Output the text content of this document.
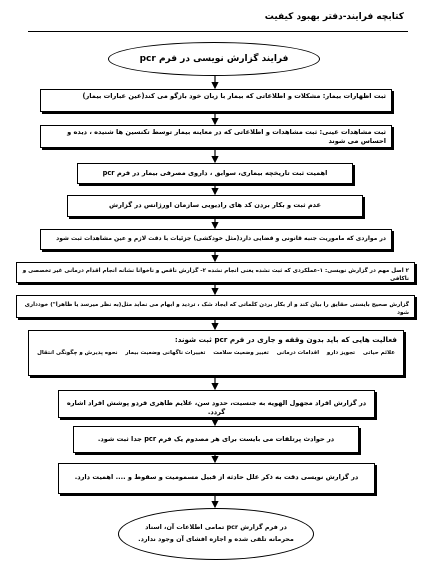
کتابچه فرایند-دفتر بهبود کیفیت
فرایند گزارش نویسی در فرم pcr
ثبت اظهارات بیمار: مشکلات و اطلاعاتی که بیمار با زبان خود بازگو می کند(عین عبارات بیمار)
ثبت مشاهدات عینی: ثبت مشاهدات و اطلاعاتی که در معاینه بیمار توسط تکنسین ها شنیده ، دیده و احساس می شوند
اهمیت ثبت تاریخچه بیماری، سوابق ، داروی مصرفی بیمار در فرم pcr
عدم ثبت و بکار بردن کد های رادیویی سازمان اورژانس در گزارش
در مواردی که ماموریت جنبه قانونی و قضایی دارد(مثل خودکشی) جزئیات با دقت لازم و عین مشاهدات ثبت شود
۲ اصل مهم در گزارش نویسی: ۱-عملکردی که ثبت نشده یعنی انجام نشده ۲- گزارش ناقص و ناخوانا نشانه انجام اقدام درمانی غیر تخصصی و ناکافی
گزارش صحیح بایستی حقایق را بیان کند و از بکار بردن کلماتی که ایجاد شک ، تردید و ابهام می نماید مثل(به نظر میرسد یا ظاهرا") خودداری شود
فعالیت هایی که باید بدون وقفه و جاری در فرم pcr ثبت شوند:
علائم حیاتی
تجویز دارو
اقدامات درمانی
تغییر وضعیت سلامت
تغییرات ناگهانی وضعیت بیمار
نحوه پذیرش و چگونگی انتقال
در گزارش افراد مجهول الهویه به جنسیت، حدود سن، علایم ظاهری فردو پوشش افراد اشاره گردد.
در حوادث پرتلفات می بایست برای هر مصدوم یک فرم pcr جدا ثبت شود.
در گزارش نویسی دقت به ذکر علل حادثه از قبیل مسمومیت و سقوط و .... اهمیت دارد.
در فرم گزارش pcr تمامی اطلاعات آن، اسناد
محرمانه تلقی شده و اجازه افشای آن وجود ندارد.
